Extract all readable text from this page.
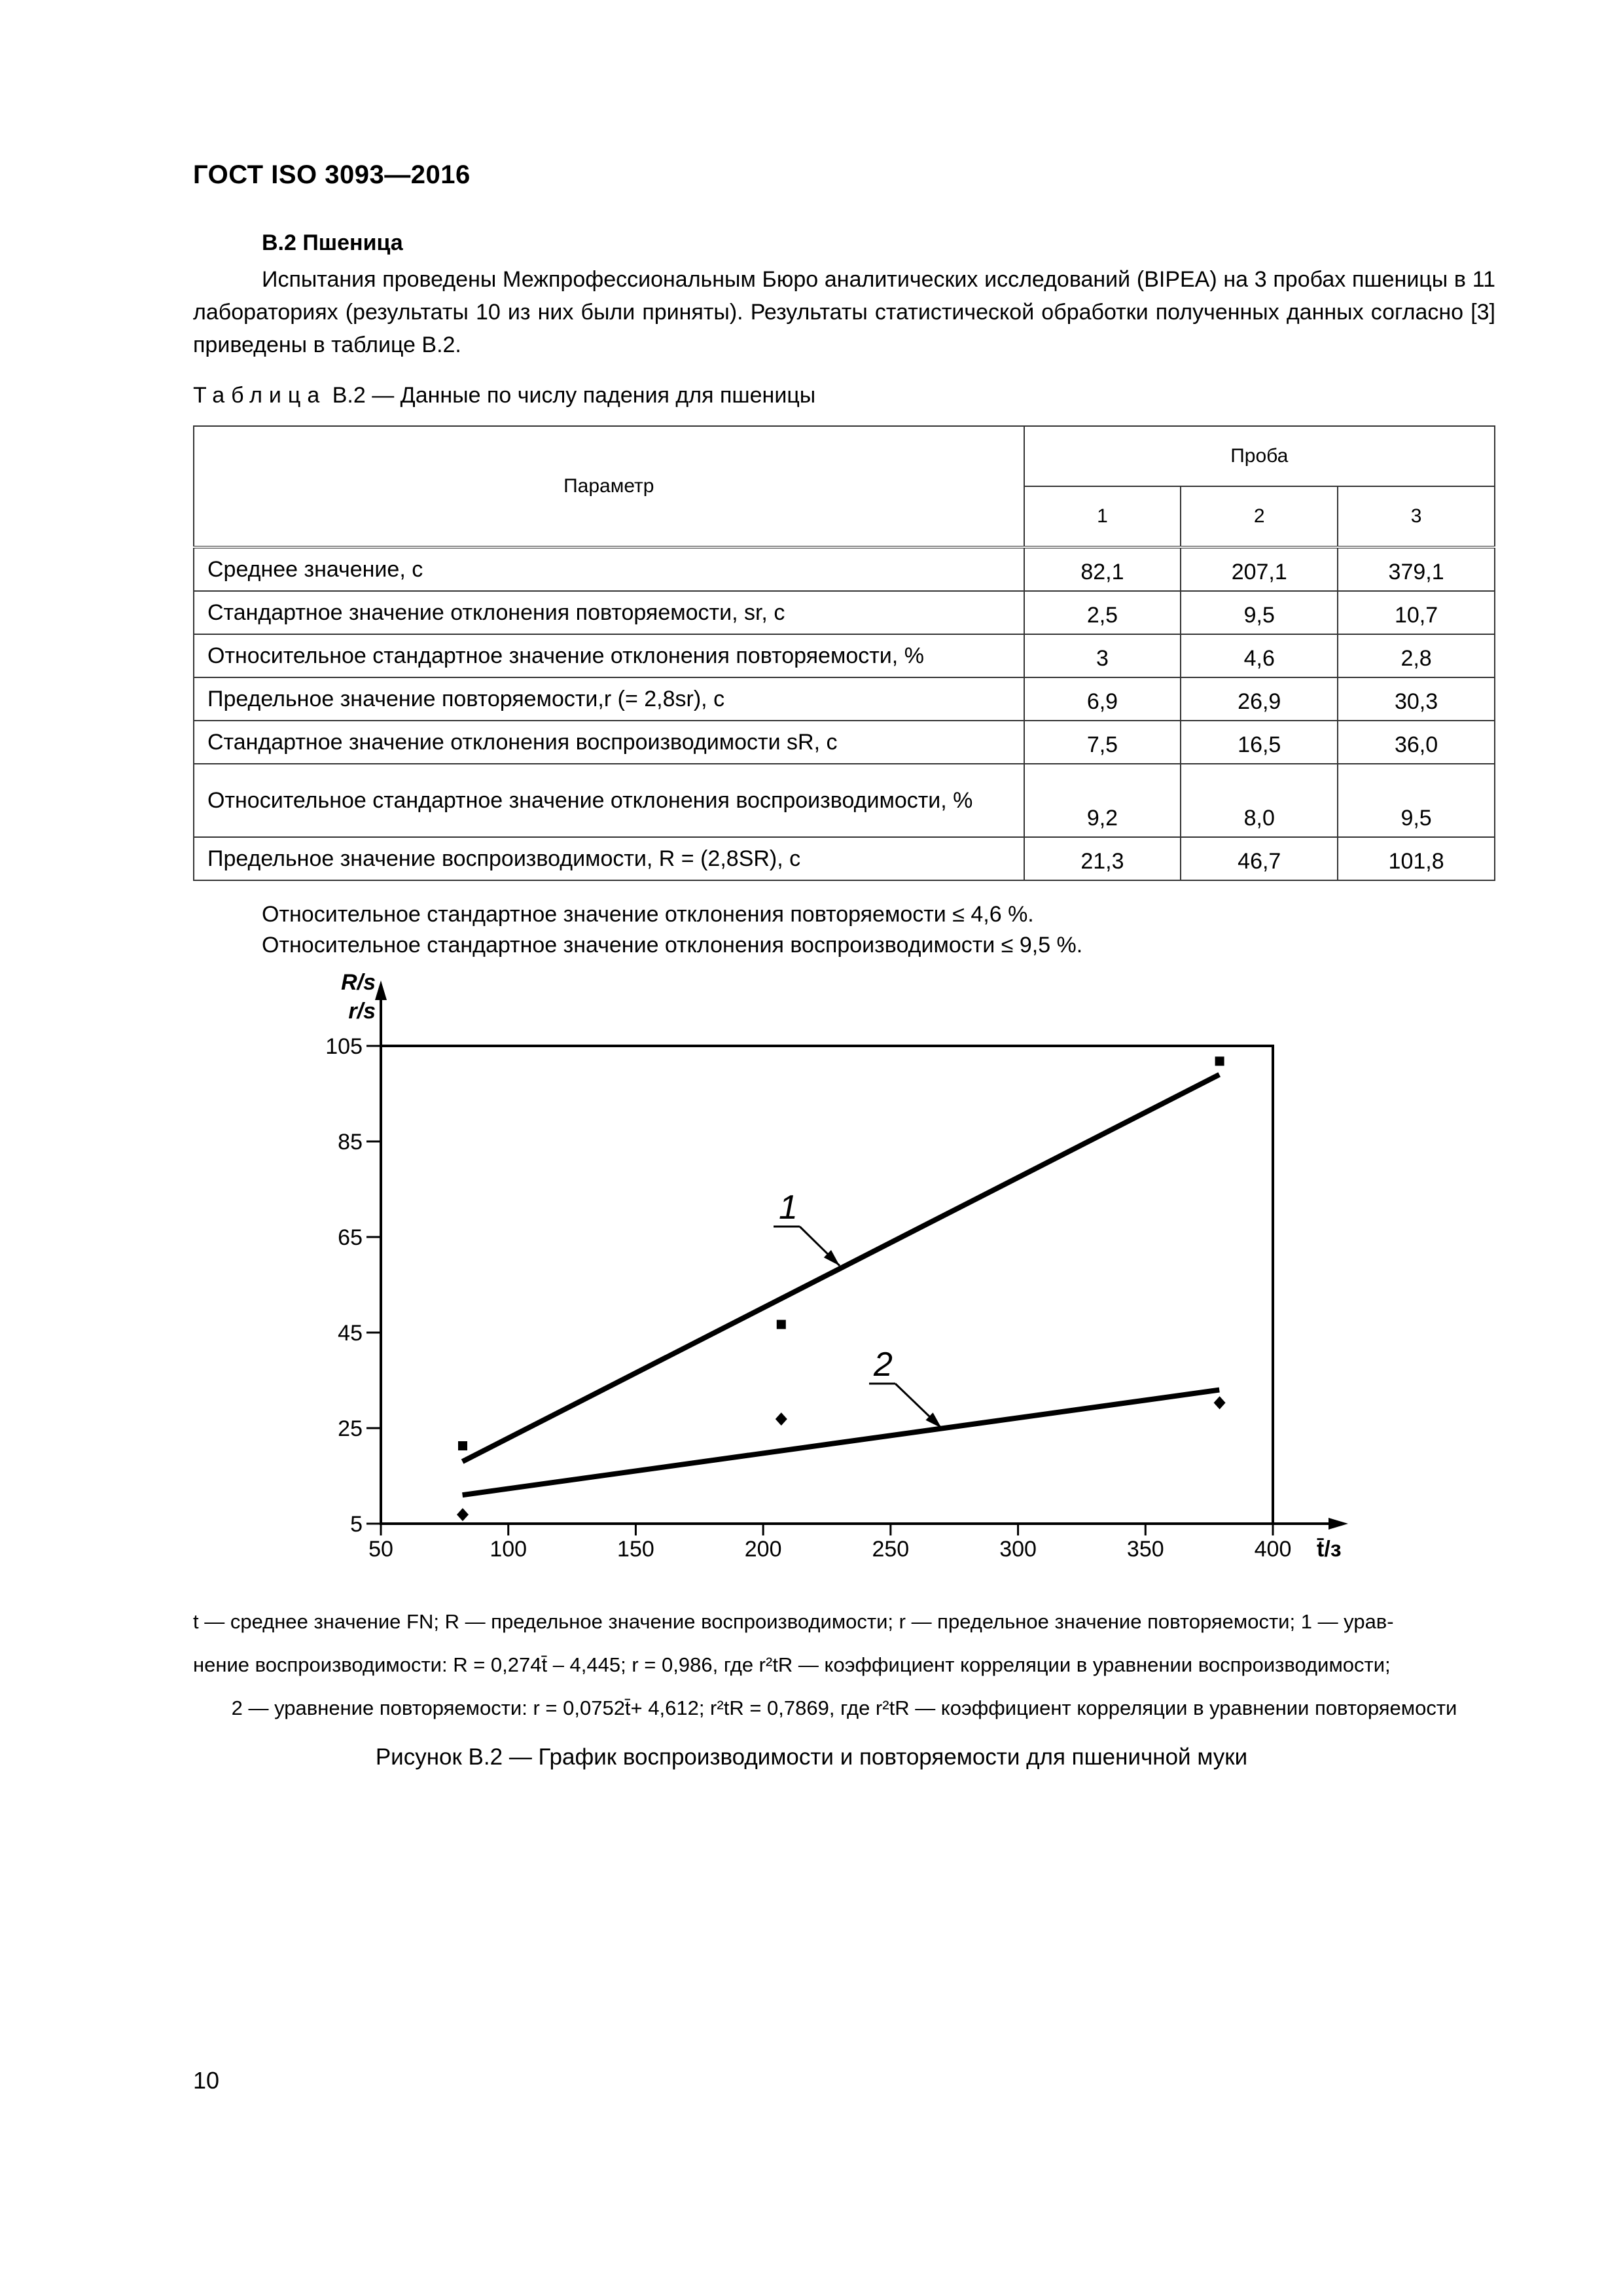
ГОСТ ISO 3093—2016
В.2 Пшеница

Испытания проведены Межпрофессиональным Бюро аналитических исследований (BIPEA) на 3 пробах пшеницы в 11 лабораториях (результаты 10 из них были приняты). Результаты статистической обработки полученных данных согласно [3] приведены в таблице В.2.

Таблица В.2 — Данные по числу падения для пшеницы
Параметр	Проба		
	1	2	3
Среднее значение, с	82,1	207,1	379,1
Стандартное значение отклонения повторяемости, sr, c	2,5	9,5	10,7
Относительное стандартное значение отклонения повторяемости, %	3	4,6	2,8
Предельное значение повторяемости,r (= 2,8sr), с	6,9	26,9	30,3
Стандартное значение отклонения воспроизводимости sR, c	7,5	16,5	36,0
Относительное стандартное значение отклонения воспроизводимости, %	9,2	8,0	9,5
Предельное значение воспроизводимости, R = (2,8SR), c	21,3	46,7	101,8
Относительное стандартное значение отклонения повторяемости ≤ 4,6 %.
Относительное стандартное значение отклонения воспроизводимости ≤ 9,5 %.
5
25
45
65
85
105
50	100	150	200	250	300	350	400
R/s
r/s
t̄/з
1
2

t — среднее значение FN; R — предельное значение воспроизводимости; r — предельное значение повторяемости; 1 — урав-

нение воспроизводимости: R = 0,274t̄ – 4,445; r = 0,986, где r²tR — коэффициент корреляции в уравнении воспроизводимости;

2 — уравнение повторяемости: r = 0,0752t̄+ 4,612; r²tR = 0,7869, где r²tR — коэффициент корреляции в уравнении повторяемости

Рисунок В.2 — График воспроизводимости и повторяемости для пшеничной муки
10
